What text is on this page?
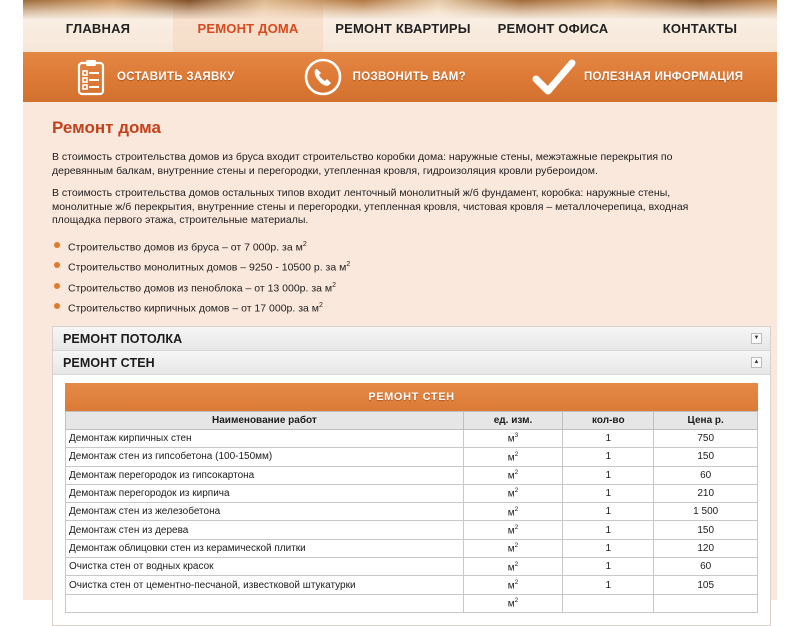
ГЛАВНАЯ	РЕМОНТ ДОМА	РЕМОНТ КВАРТИРЫ	РЕМОНТ ОФИСА	КОНТАКТЫ
ОСТАВИТЬ ЗАЯВКУ	ПОЗВОНИТЬ ВАМ?	ПОЛЕЗНАЯ ИНФОРМАЦИЯ
Ремонт дома

В стоимость строительства домов из бруса входит строительство коробки дома: наружные стены, межэтажные перекрытия по деревянным балкам, внутренние стены и перегородки, утепленная кровля, гидроизоляция кровли рубероидом.

В стоимость строительства домов остальных типов входит ленточный монолитный ж/б фундамент, коробка: наружные стены, монолитные ж/б перекрытия, внутренние стены и перегородки, утепленная кровля, чистовая кровля – металлочерепица, входная площадка первого этажа, строительные материалы.

Строительство домов из бруса – от 7 000р. за $м^2$
Строительство монолитных домов – 9250 - 10500 р. за $м^2$
Строительство домов из пеноблока – от 13 000р. за $м^2$
Строительство кирпичных домов – от 17 000р. за $м^2$
РЕМОНТ ПОТОЛКА	▼
РЕМОНТ СТЕН	▲
РЕМОНТ СТЕН
Наименование работ	ед. изм.	кол-во	Цена р.
Демонтаж кирпичных стен	$м^3$	1	750
Демонтаж стен из гипсобетона (100-150мм)	$м^2$	1	150
Демонтаж перегородок из гипсокартона	$м^2$	1	60
Демонтаж перегородок из кирпича	$м^2$	1	210
Демонтаж стен из железобетона	$м^2$	1	1 500
Демонтаж стен из дерева	$м^2$	1	150
Демонтаж облицовки стен из керамической плитки	$м^2$	1	120
Очистка стен от водных красок	$м^2$	1	60
Очистка стен от цементно-песчаной, известковой штукатурки	$м^2$	1	105
	$м^2$		
